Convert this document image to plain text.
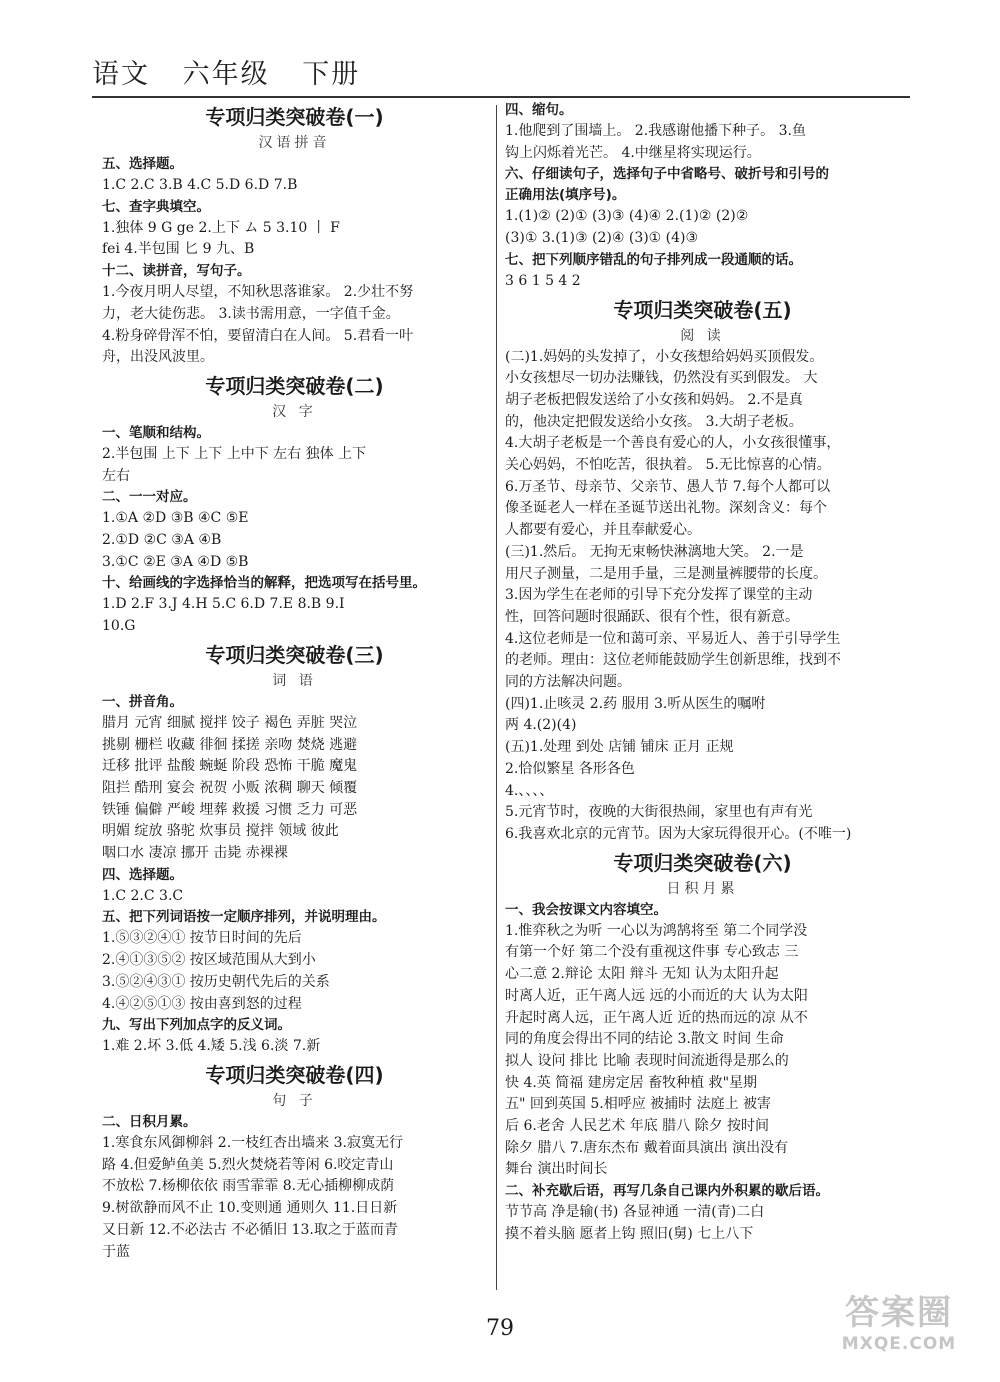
语文 六年级 下册
专项归类突破卷(一)
汉语拼音
五、选择题。
1.C 2.C 3.B 4.C 5.D 6.D 7.B
七、查字典填空。
1.独体 9 G ge 2.上下 ム 5 3.10 丨 F
fei 4.半包围 匕 9 九、B
十二、读拼音，写句子。
1.今夜月明人尽望，不知秋思落谁家。 2.少壮不努
力，老大徒伤悲。 3.读书需用意，一字值千金。
4.粉身碎骨浑不怕，要留清白在人间。 5.君看一叶
舟，出没风波里。
专项归类突破卷(二)
汉 字
一、笔顺和结构。
2.半包围 上下 上下 上中下 左右 独体 上下
左右
二、一一对应。
1.①A ②D ③B ④C ⑤E
2.①D ②C ③A ④B
3.①C ②E ③A ④D ⑤B
十、给画线的字选择恰当的解释，把选项写在括号里。
1.D 2.F 3.J 4.H 5.C 6.D 7.E 8.B 9.I
10.G
专项归类突破卷(三)
词 语
一、拼音角。
腊月 元宵 细腻 搅拌 饺子 褐色 弄脏 哭泣
挑剔 栅栏 收藏 徘徊 揉搓 亲吻 焚烧 逃避
迁移 批评 盐酸 蜿蜒 阶段 恐怖 干脆 魔鬼
阻拦 酷刑 宴会 祝贺 小贩 浓稠 聊天 倾覆
铁锤 偏僻 严峻 埋葬 救援 习惯 乏力 可恶
明媚 绽放 骆驼 炊事员 搅拌 领域 彼此
咽口水 凄凉 挪开 击毙 赤裸裸
四、选择题。
1.C 2.C 3.C
五、把下列词语按一定顺序排列，并说明理由。
1.⑤③②④① 按节日时间的先后
2.④①③⑤② 按区域范围从大到小
3.⑤②④③① 按历史朝代先后的关系
4.④②⑤①③ 按由喜到怒的过程
九、写出下列加点字的反义词。
1.难 2.坏 3.低 4.矮 5.浅 6.淡 7.新
专项归类突破卷(四)
句 子
二、日积月累。
1.寒食东风御柳斜 2.一枝红杏出墙来 3.寂寞无行
路 4.但爱鲈鱼美 5.烈火焚烧若等闲 6.咬定青山
不放松 7.杨柳依依 雨雪霏霏 8.无心插柳柳成荫
9.树欲静而风不止 10.变则通 通则久 11.日日新
又日新 12.不必法古 不必循旧 13.取之于蓝而青
于蓝
四、缩句。
1.他爬到了围墙上。 2.我感谢他播下种子。 3.鱼
钩上闪烁着光芒。 4.中继星将实现运行。
六、仔细读句子，选择句子中省略号、破折号和引号的
正确用法(填序号)。
1.(1)② (2)① (3)③ (4)④ 2.(1)② (2)②
(3)① 3.(1)③ (2)④ (3)① (4)③
七、把下列顺序错乱的句子排列成一段通顺的话。
3 6 1 5 4 2
专项归类突破卷(五)
阅 读
(二)1.妈妈的头发掉了，小女孩想给妈妈买顶假发。
小女孩想尽一切办法赚钱，仍然没有买到假发。 大
胡子老板把假发送给了小女孩和妈妈。 2.不是真
的，他决定把假发送给小女孩。 3.大胡子老板。
4.大胡子老板是一个善良有爱心的人，小女孩很懂事，
关心妈妈，不怕吃苦，很执着。 5.无比惊喜的心情。
6.万圣节、母亲节、父亲节、愚人节 7.每个人都可以
像圣诞老人一样在圣诞节送出礼物。深刻含义：每个
人都要有爱心，并且奉献爱心。
(三)1.然后。 无拘无束畅快淋漓地大笑。 2.一是
用尺子测量，二是用手量，三是测量裤腰带的长度。
3.因为学生在老师的引导下充分发挥了课堂的主动
性，回答问题时很踊跃、很有个性，很有新意。
4.这位老师是一位和蔼可亲、平易近人、善于引导学生
的老师。理由：这位老师能鼓励学生创新思维，找到不
同的方法解决问题。
(四)1.止咳灵 2.药 服用 3.听从医生的嘱咐
两 4.(2)(4)
(五)1.处理 到处 店铺 铺床 正月 正规
2.恰似繁星 各形各色
4.、、、、
5.元宵节时，夜晚的大街很热闹，家里也有声有光
6.我喜欢北京的元宵节。因为大家玩得很开心。(不唯一)
专项归类突破卷(六)
日积月累
一、我会按课文内容填空。
1.惟弈秋之为听 一心以为鸿鹄将至 第二个同学没
有第一个好 第二个没有重视这件事 专心致志 三
心二意 2.辩论 太阳 辩斗 无知 认为太阳升起
时离人近，正午离人远 远的小而近的大 认为太阳
升起时离人远，正午离人近 近的热而远的凉 从不
同的角度会得出不同的结论 3.散文 时间 生命
拟人 设问 排比 比喻 表现时间流逝得是那么的
快 4.英 简福 建房定居 畜牧种植 救"星期
五" 回到英国 5.相呼应 被捕时 法庭上 被害
后 6.老舍 人民艺术 年底 腊八 除夕 按时间
除夕 腊八 7.唐东杰布 戴着面具演出 演出没有
舞台 演出时间长
二、补充歇后语，再写几条自己课内外积累的歇后语。
节节高 净是输(书) 各显神通 一清(青)二白
摸不着头脑 愿者上钩 照旧(舅) 七上八下
79	答案圈
MXQE.COM
